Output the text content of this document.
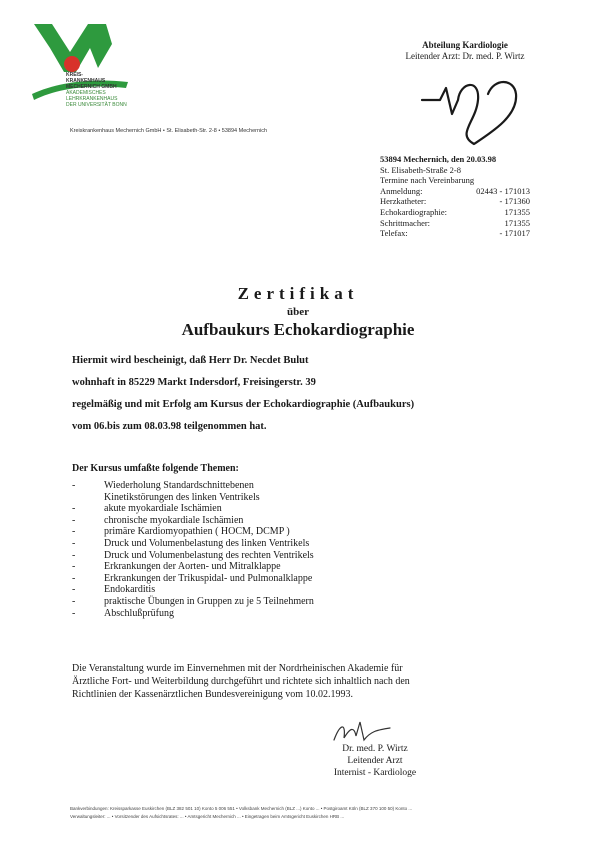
KREIS-
KRANKENHAUS
MECHERNICH GMBH
AKADEMISCHES
LEHRKRANKENHAUS
DER UNIVERSITÄT BONN
Kreiskrankenhaus Mechernich GmbH • St. Elisabeth-Str. 2-8 • 53894 Mechernich
Abteilung Kardiologie
Leitender Arzt: Dr. med. P. Wirtz
53894 Mechernich, den 20.03.98
St. Elisabeth-Straße 2-8
Termine nach Vereinbarung
Anmeldung:	02443 - 171013
Herzkatheter:	- 171360
Echokardiographie:	171355
Schrittmacher:	171355
Telefax:	- 171017
Zertifikat
über
Aufbaukurs Echokardiographie
Hiermit wird bescheinigt, daß Herr Dr. Necdet Bulut
wohnhaft in 85229 Markt Indersdorf, Freisingerstr. 39
regelmäßig und mit Erfolg am Kursus der Echokardiographie (Aufbaukurs)
vom 06.bis zum 08.03.98 teilgenommen hat.
Der Kursus umfaßte folgende Themen:
-	Wiederholung Standardschnittebenen
Kinetikstörungen des linken Ventrikels
-	akute myokardiale Ischämien
-	chronische myokardiale Ischämien
-	primäre Kardiomyopathien ( HOCM, DCMP )
-	Druck und Volumenbelastung des linken Ventrikels
-	Druck und Volumenbelastung des rechten Ventrikels
-	Erkrankungen der Aorten- und Mitralklappe
-	Erkrankungen der Trikuspidal- und Pulmonalklappe
-	Endokarditis
-	praktische Übungen in Gruppen zu je 5 Teilnehmern
-	Abschlußprüfung
Die Veranstaltung wurde im Einvernehmen mit der Nordrheinischen Akademie für
Ärztliche Fort- und Weiterbildung durchgeführt und richtete sich inhaltlich nach den
Richtlinien der Kassenärztlichen Bundesvereinigung vom 10.02.1993.
Dr. med. P. Wirtz
Leitender Arzt
Internist - Kardiologe
Bankverbindungen: Kreissparkasse Euskirchen (BLZ 382 501 10) Konto 5 006 551 • Volksbank Mechernich (BLZ ...) Konto ... • Postgiroamt Köln (BLZ 370 100 50) Konto ...
Verwaltungsleiter: ... • Vorsitzender des Aufsichtsrates: ... • Amtsgericht Mechernich ... • Eingetragen beim Amtsgericht Euskirchen HRB ...
